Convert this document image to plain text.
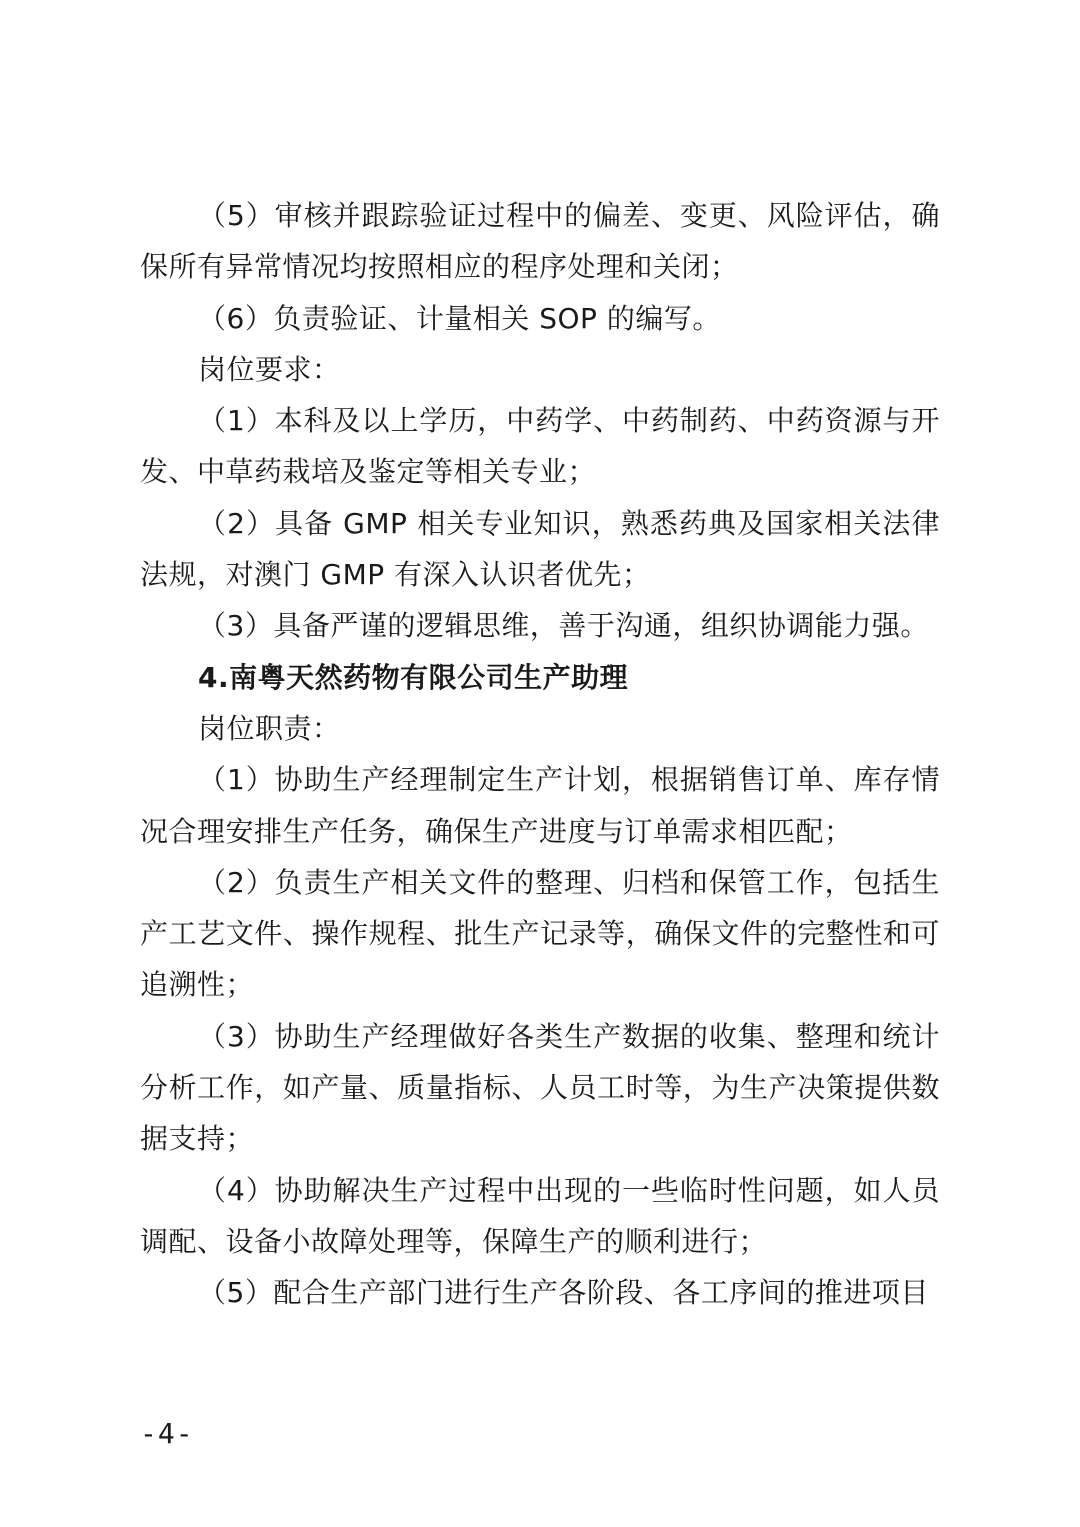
（5）审核并跟踪验证过程中的偏差、变更、风险评估，确保所有异常情况均按照相应的程序处理和关闭；

（6）负责验证、计量相关 SOP 的编写。

岗位要求：

（1）本科及以上学历，中药学、中药制药、中药资源与开发、中草药栽培及鉴定等相关专业；

（2）具备 GMP 相关专业知识，熟悉药典及国家相关法律法规，对澳门 GMP 有深入认识者优先；

（3）具备严谨的逻辑思维，善于沟通，组织协调能力强。

4.南粤天然药物有限公司生产助理

岗位职责：

（1）协助生产经理制定生产计划，根据销售订单、库存情况合理安排生产任务，确保生产进度与订单需求相匹配；

（2）负责生产相关文件的整理、归档和保管工作，包括生产工艺文件、操作规程、批生产记录等，确保文件的完整性和可追溯性；

（3）协助生产经理做好各类生产数据的收集、整理和统计分析工作，如产量、质量指标、人员工时等，为生产决策提供数据支持；

（4）协助解决生产过程中出现的一些临时性问题，如人员调配、设备小故障处理等，保障生产的顺利进行；

（5）配合生产部门进行生产各阶段、各工序间的推进项目

-4-
